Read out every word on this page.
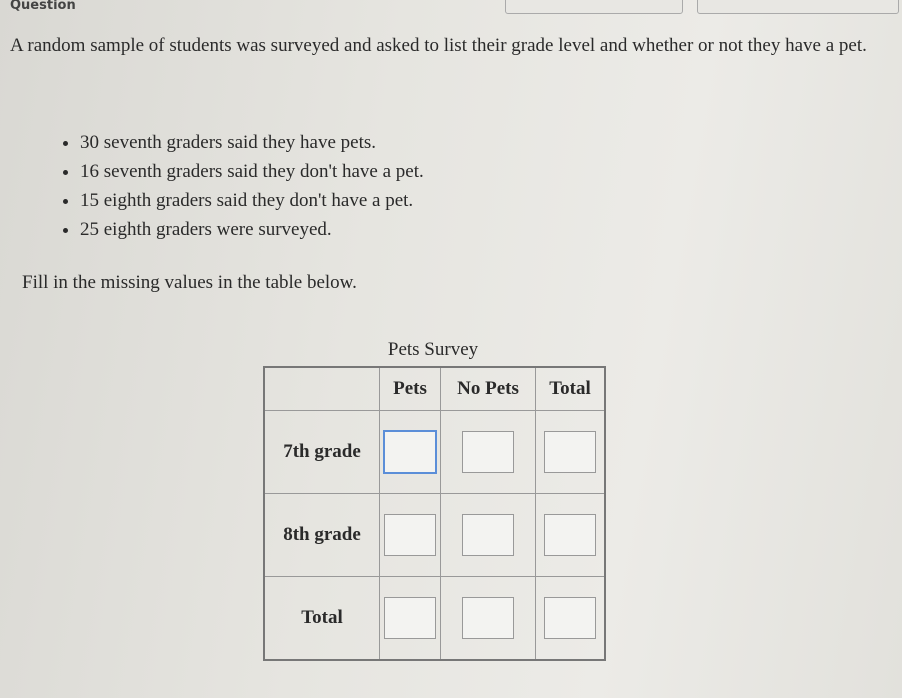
Question
A random sample of students was surveyed and asked to list their grade level and whether or not they have a pet.
• 30 seventh graders said they have pets.
• 16 seventh graders said they don't have a pet.
• 15 eighth graders said they don't have a pet.
• 25 eighth graders were surveyed.
Fill in the missing values in the table below.
Pets Survey
	Pets	No Pets	Total
7th grade			
8th grade			
Total			
